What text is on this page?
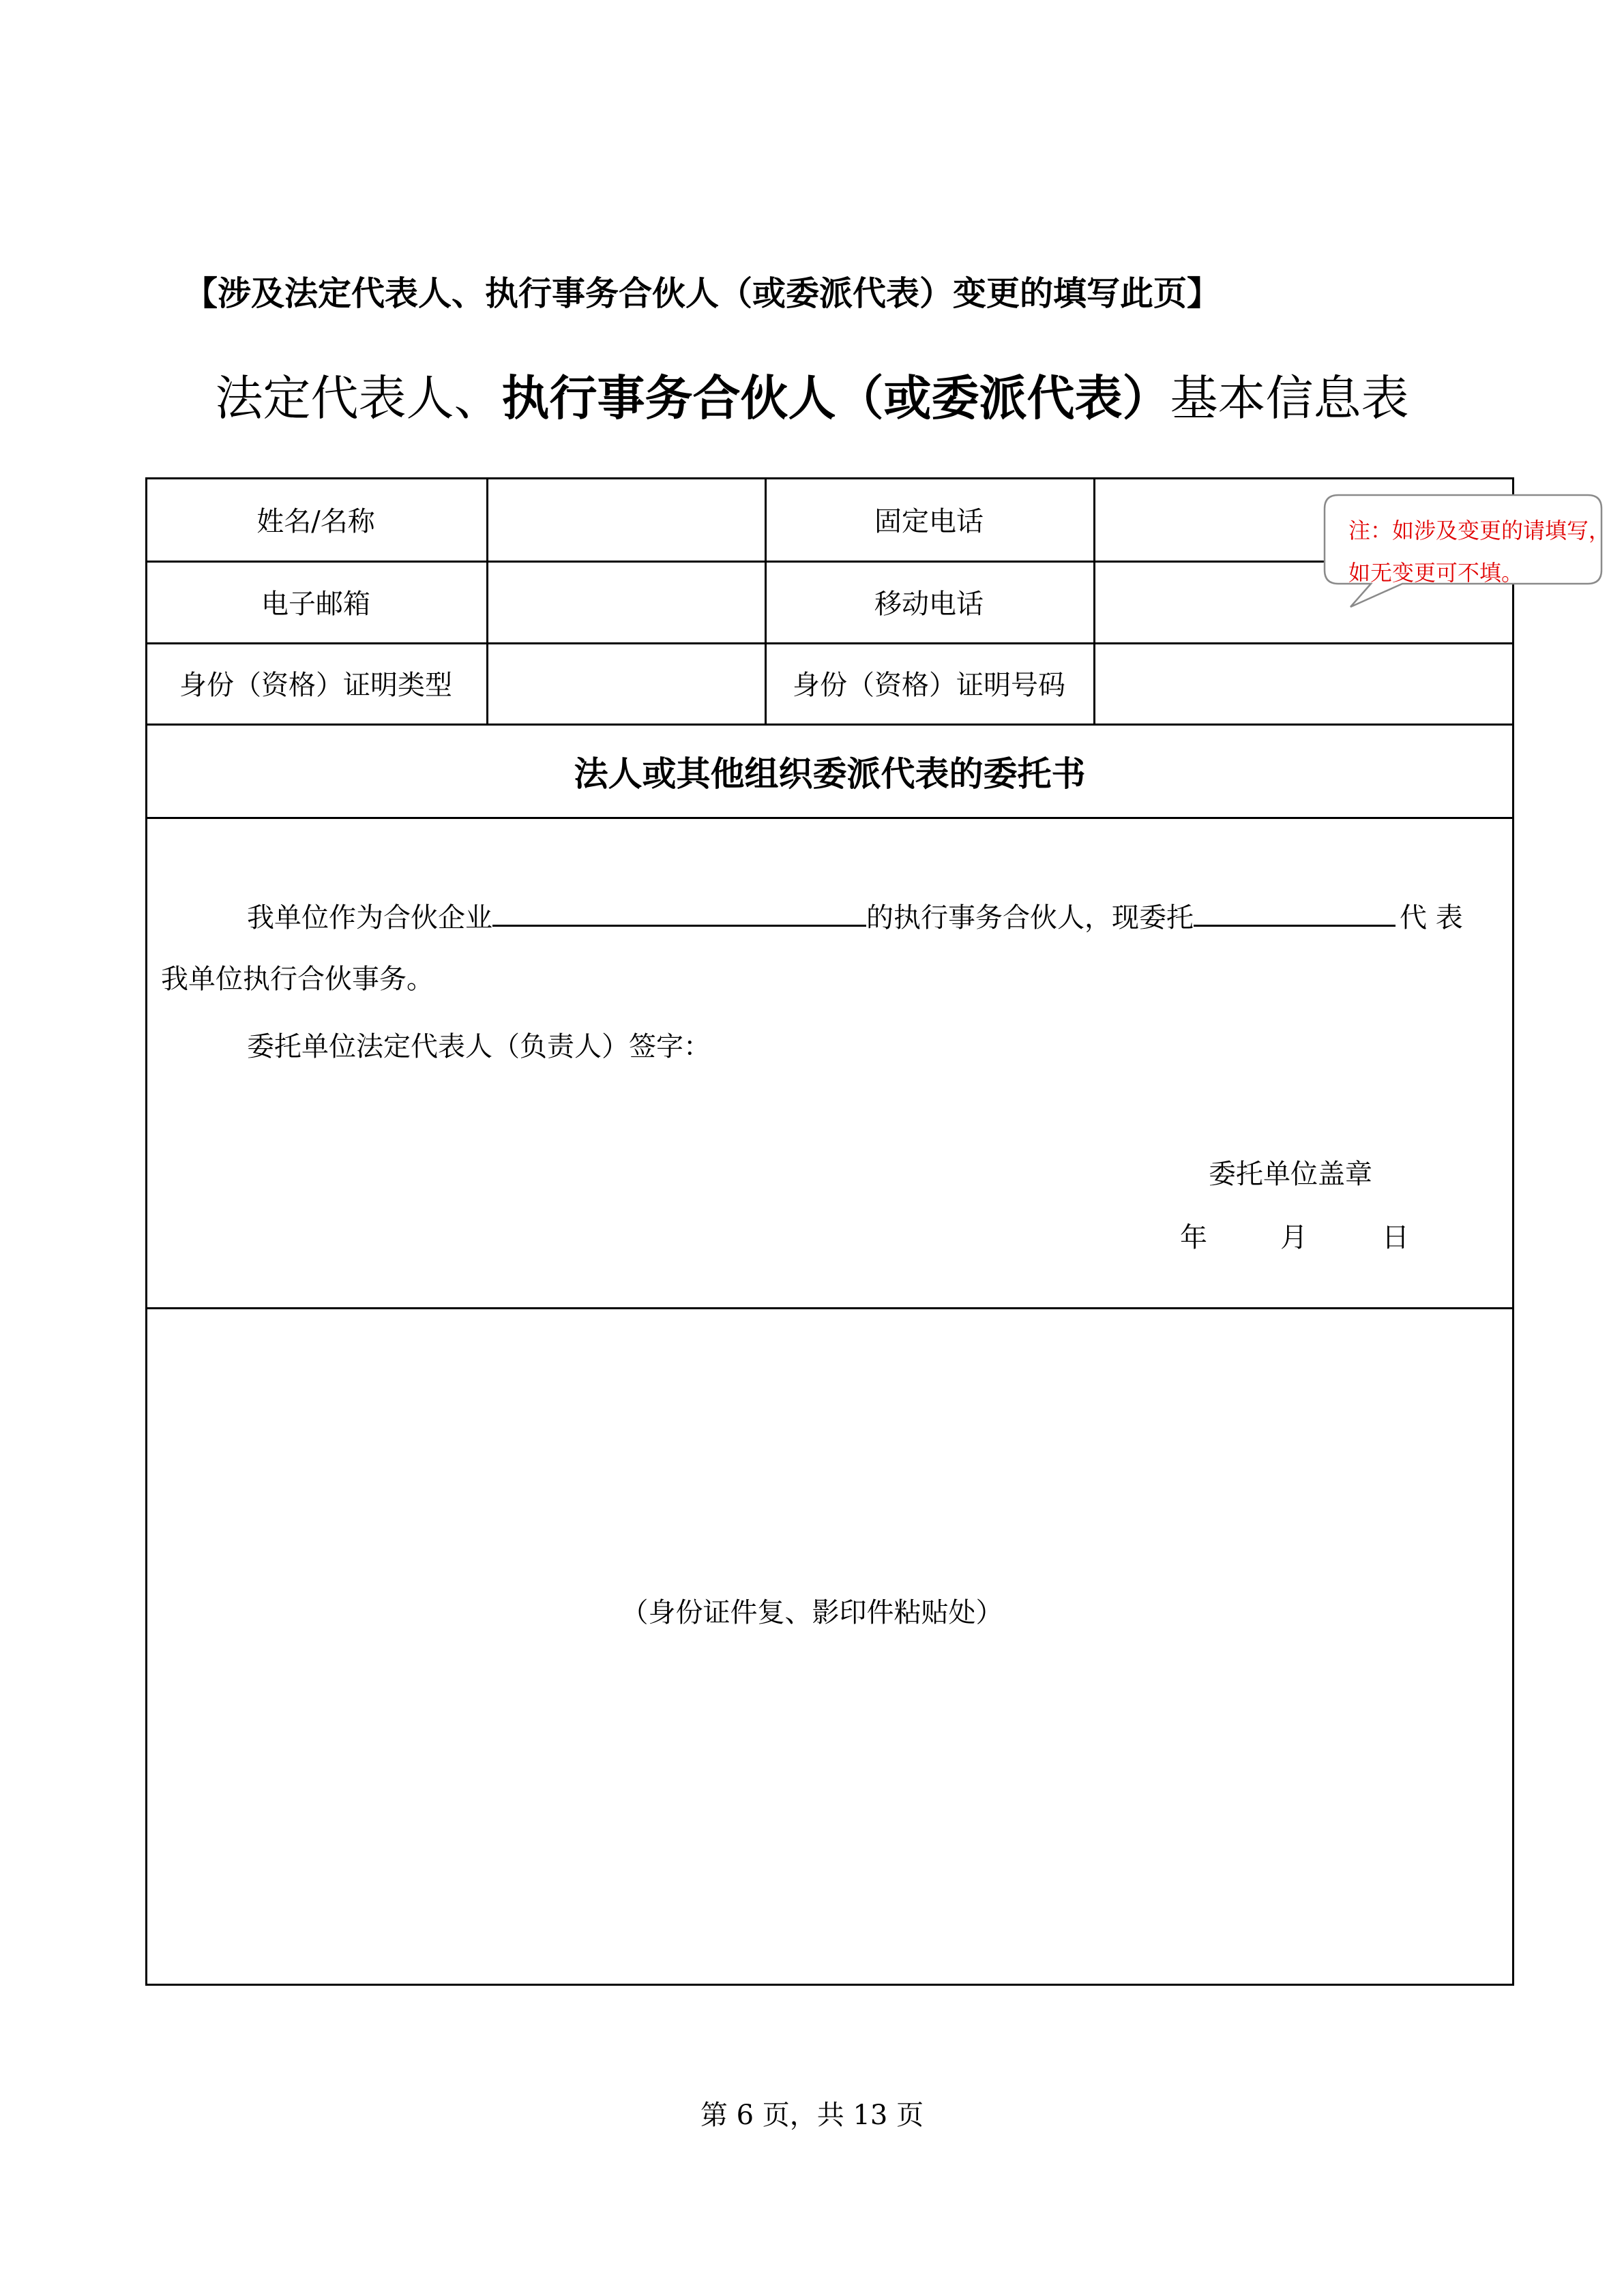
【涉及法定代表人、执行事务合伙人（或委派代表）变更的填写此页】
法定代表人、执行事务合伙人（或委派代表）基本信息表
姓名/名称	固定电话
电子邮箱	移动电话
身份（资格）证明类型	身份（资格）证明号码
注：如涉及变更的请填写，
如无变更可不填。
法人或其他组织委派代表的委托书
我单位作为合伙企业	的执行事务合伙人，现委托	代 表
我单位执行合伙事务。
委托单位法定代表人（负责人）签字：
委托单位盖章
年	月	日
（身份证件复、影印件粘贴处）
第 6 页，共 13 页
